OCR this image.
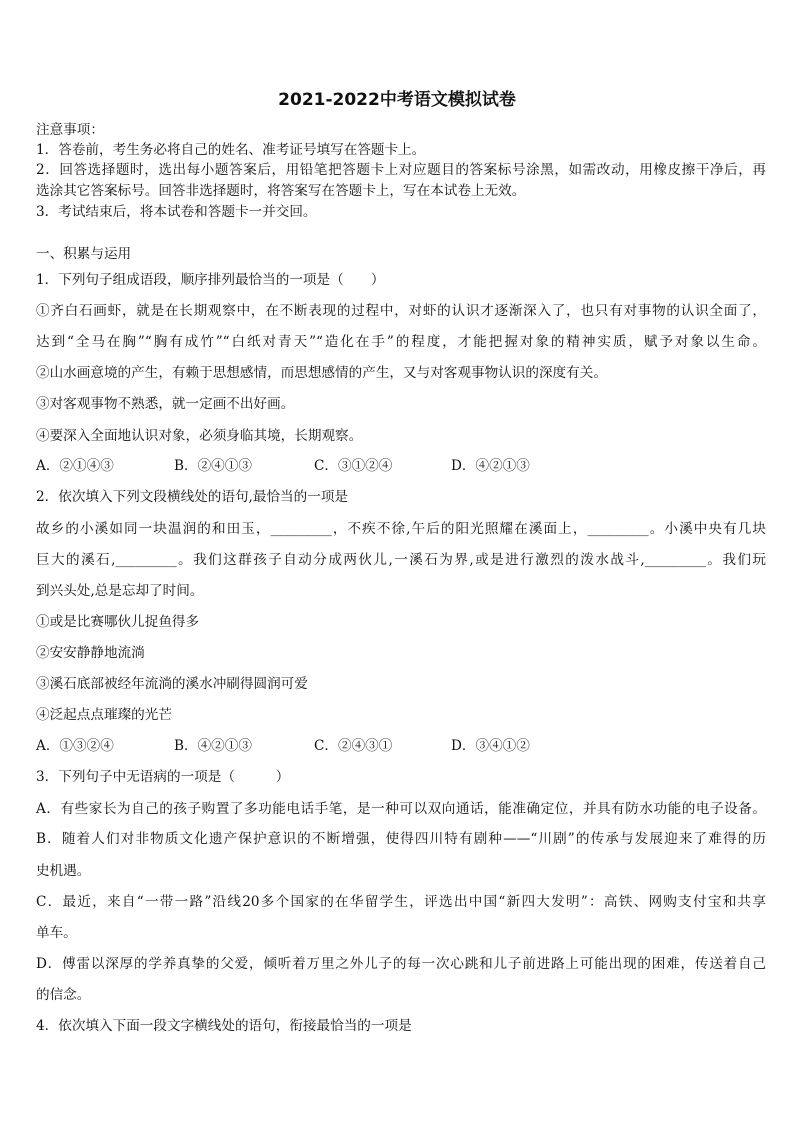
2021-2022中考语文模拟试卷
注意事项：
1．答卷前，考生务必将自己的姓名、准考证号填写在答题卡上。
2．回答选择题时，选出每小题答案后，用铅笔把答题卡上对应题目的答案标号涂黑，如需改动，用橡皮擦干净后，再
选涂其它答案标号。回答非选择题时，将答案写在答题卡上，写在本试卷上无效。
3．考试结束后，将本试卷和答题卡一并交回。
一、积累与运用
1．下列句子组成语段，顺序排列最恰当的一项是（　　）
①齐白石画虾，就是在长期观察中，在不断表现的过程中，对虾的认识才逐渐深入了，也只有对事物的认识全面了，
达到“全马在胸”“胸有成竹”“白纸对青天”“造化在手”的程度，才能把握对象的精神实质，赋予对象以生命。
②山水画意境的产生，有赖于思想感情，而思想感情的产生，又与对客观事物认识的深度有关。
③对客观事物不熟悉，就一定画不出好画。
④要深入全面地认识对象，必须身临其境，长期观察。
A．②①④③	B．②④①③	C．③①②④	D．④②①③
2．依次填入下列文段横线处的语句,最恰当的一项是
故乡的小溪如同一块温润的和田玉，_________，不疾不徐,午后的阳光照耀在溪面上，_________。小溪中央有几块
巨大的溪石,_________。我们这群孩子自动分成两伙儿,一溪石为界,或是进行激烈的泼水战斗,_________。我们玩
到兴头处,总是忘却了时间。
①或是比赛哪伙儿捉鱼得多
②安安静静地流淌
③溪石底部被经年流淌的溪水冲刷得圆润可爱
④泛起点点璀璨的光芒
A．①③②④	B．④②①③	C．②④③①	D．③④①②
3．下列句子中无语病的一项是（　　　）
A．有些家长为自己的孩子购置了多功能电话手笔，是一种可以双向通话，能准确定位，并具有防水功能的电子设备。
B．随着人们对非物质文化遗产保护意识的不断增强，使得四川特有剧种——“川剧”的传承与发展迎来了难得的历
史机遇。
C．最近，来自“一带一路”沿线20多个国家的在华留学生，评选出中国“新四大发明”：高铁、网购支付宝和共享
单车。
D．傅雷以深厚的学养真挚的父爱，倾听着万里之外儿子的每一次心跳和儿子前进路上可能出现的困难，传送着自己
的信念。
4．依次填入下面一段文字横线处的语句，衔接最恰当的一项是
